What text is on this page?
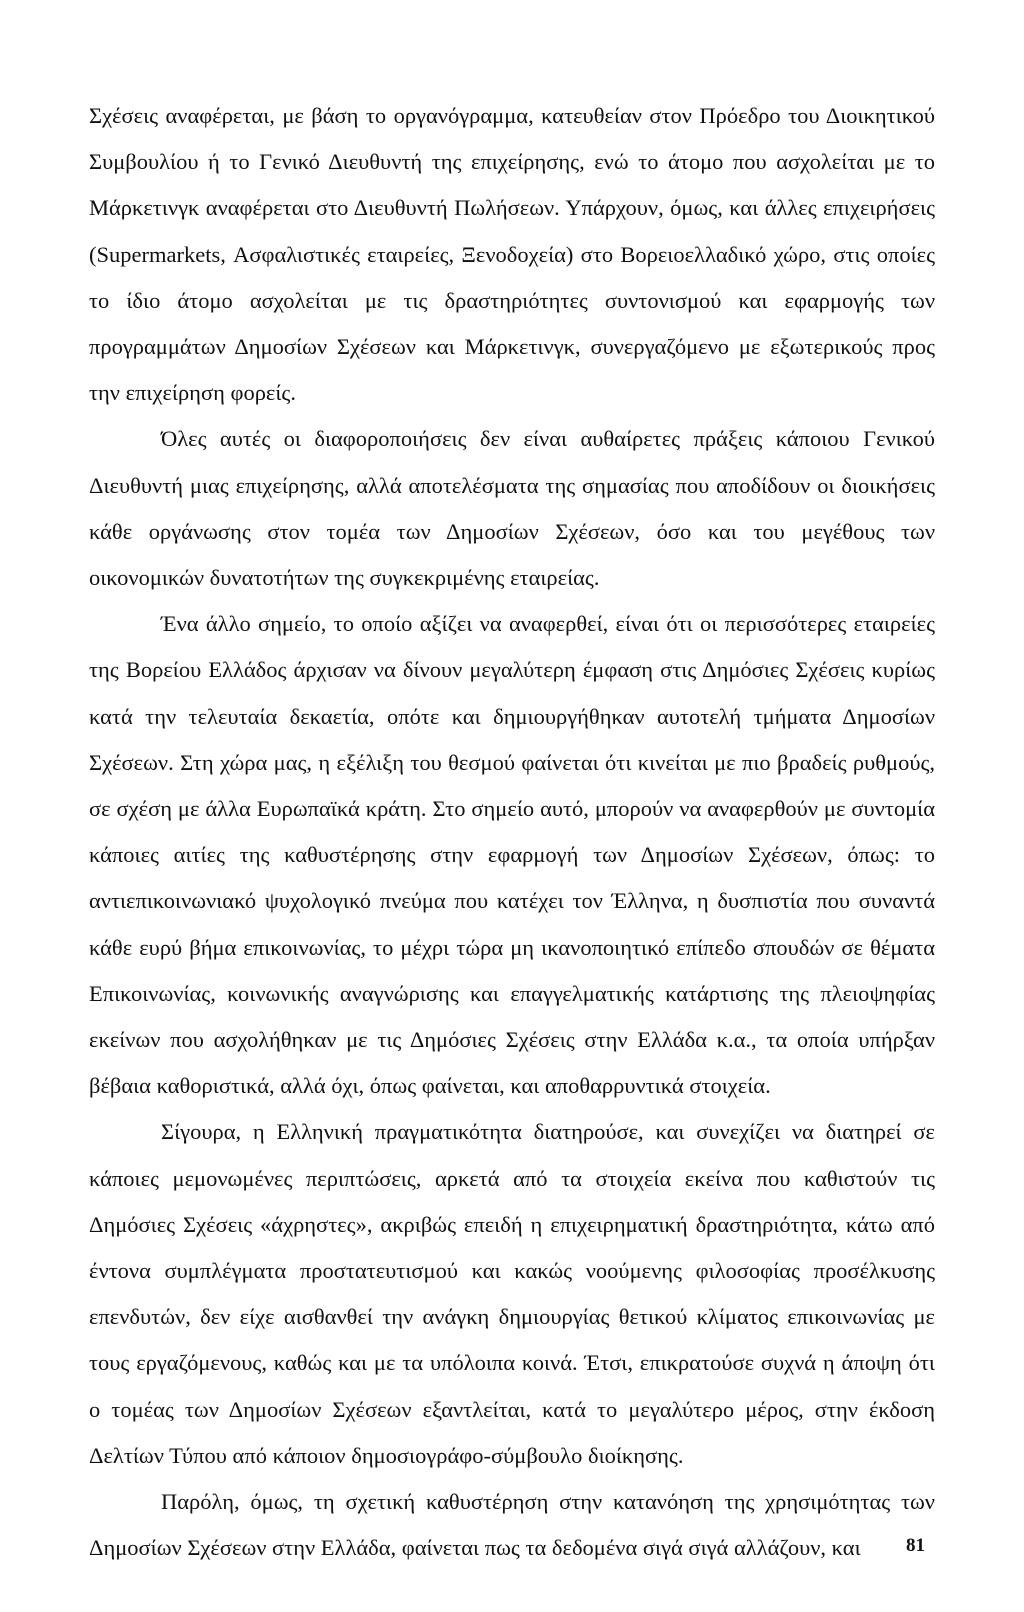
Σχέσεις αναφέρεται, με βάση το οργανόγραμμα, κατευθείαν στον Πρόεδρο του Διοικητικού Συμβουλίου ή το Γενικό Διευθυντή της επιχείρησης, ενώ το άτομο που ασχολείται με το Μάρκετινγκ αναφέρεται στο Διευθυντή Πωλήσεων. Υπάρχουν, όμως, και άλλες επιχειρήσεις (Supermarkets, Ασφαλιστικές εταιρείες, Ξενοδοχεία) στο Βορειοελλαδικό χώρο, στις οποίες το ίδιο άτομο ασχολείται με τις δραστηριότητες συντονισμού και εφαρμογής των προγραμμάτων Δημοσίων Σχέσεων και Μάρκετινγκ, συνεργαζόμενο με εξωτερικούς προς την επιχείρηση φορείς.

Όλες αυτές οι διαφοροποιήσεις δεν είναι αυθαίρετες πράξεις κάποιου Γενικού Διευθυντή μιας επιχείρησης, αλλά αποτελέσματα της σημασίας που αποδίδουν οι διοικήσεις κάθε οργάνωσης στον τομέα των Δημοσίων Σχέσεων, όσο και του μεγέθους των οικονομικών δυνατοτήτων της συγκεκριμένης εταιρείας.

Ένα άλλο σημείο, το οποίο αξίζει να αναφερθεί, είναι ότι οι περισσότερες εταιρείες της Βορείου Ελλάδος άρχισαν να δίνουν μεγαλύτερη έμφαση στις Δημόσιες Σχέσεις κυρίως κατά την τελευταία δεκαετία, οπότε και δημιουργήθηκαν αυτοτελή τμήματα Δημοσίων Σχέσεων. Στη χώρα μας, η εξέλιξη του θεσμού φαίνεται ότι κινείται με πιο βραδείς ρυθμούς, σε σχέση με άλλα Ευρωπαϊκά κράτη. Στο σημείο αυτό, μπορούν να αναφερθούν με συντομία κάποιες αιτίες της καθυστέρησης στην εφαρμογή των Δημοσίων Σχέσεων, όπως: το αντιεπικοινωνιακό ψυχολογικό πνεύμα που κατέχει τον Έλληνα, η δυσπιστία που συναντά κάθε ευρύ βήμα επικοινωνίας, το μέχρι τώρα μη ικανοποιητικό επίπεδο σπουδών σε θέματα Επικοινωνίας, κοινωνικής αναγνώρισης και επαγγελματικής κατάρτισης της πλειοψηφίας εκείνων που ασχολήθηκαν με τις Δημόσιες Σχέσεις στην Ελλάδα κ.α., τα οποία υπήρξαν βέβαια καθοριστικά, αλλά όχι, όπως φαίνεται, και αποθαρρυντικά στοιχεία.

Σίγουρα, η Ελληνική πραγματικότητα διατηρούσε, και συνεχίζει να διατηρεί σε κάποιες μεμονωμένες περιπτώσεις, αρκετά από τα στοιχεία εκείνα που καθιστούν τις Δημόσιες Σχέσεις «άχρηστες», ακριβώς επειδή η επιχειρηματική δραστηριότητα, κάτω από έντονα συμπλέγματα προστατευτισμού και κακώς νοούμενης φιλοσοφίας προσέλκυσης επενδυτών, δεν είχε αισθανθεί την ανάγκη δημιουργίας θετικού κλίματος επικοινωνίας με τους εργαζόμενους, καθώς και με τα υπόλοιπα κοινά. Έτσι, επικρατούσε συχνά η άποψη ότι ο τομέας των Δημοσίων Σχέσεων εξαντλείται, κατά το μεγαλύτερο μέρος, στην έκδοση Δελτίων Τύπου από κάποιον δημοσιογράφο-σύμβουλο διοίκησης.

Παρόλη, όμως, τη σχετική καθυστέρηση στην κατανόηση της χρησιμότητας των Δημοσίων Σχέσεων στην Ελλάδα, φαίνεται πως τα δεδομένα σιγά σιγά αλλάζουν, και	81
